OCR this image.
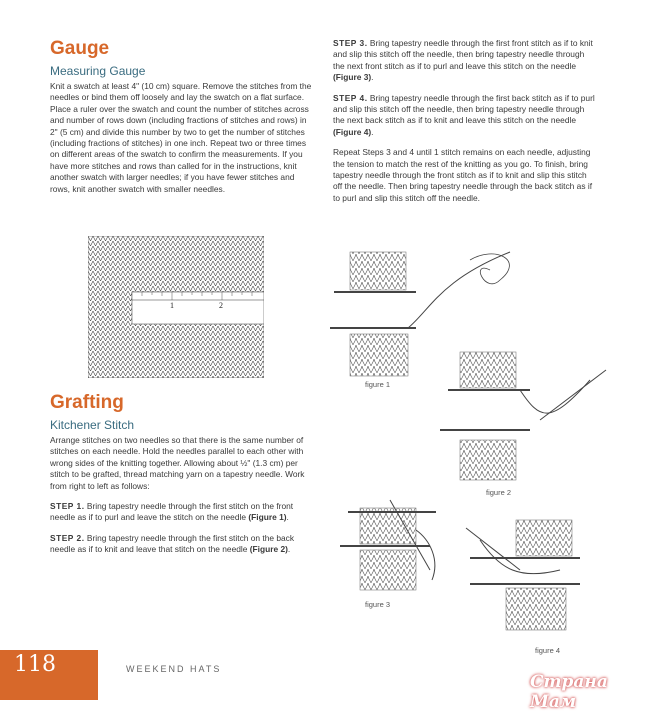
Gauge
Measuring Gauge

Knit a swatch at least 4" (10 cm) square. Remove the stitches from the needles or bind them off loosely and lay the swatch on a flat surface. Place a ruler over the swatch and count the number of stitches across and number of rows down (including fractions of stitches and rows) in 2" (5 cm) and divide this number by two to get the number of stitches (including fractions of stitches) in one inch. Repeat two or three times on different areas of the swatch to confirm the measurements. If you have more stitches and rows than called for in the instructions, knit another swatch with larger needles; if you have fewer stitches and rows, knit another swatch with smaller needles.

1	2
Grafting
Kitchener Stitch

Arrange stitches on two needles so that there is the same number of stitches on each needle. Hold the needles parallel to each other with wrong sides of the knitting together. Allowing about ½" (1.3 cm) per stitch to be grafted, thread matching yarn on a tapestry needle. Work from right to left as follows:

STEP 1. Bring tapestry needle through the first stitch on the front needle as if to purl and leave the stitch on the needle (Figure 1).

STEP 2. Bring tapestry needle through the first stitch on the back needle as if to knit and leave that stitch on the needle (Figure 2).

STEP 3. Bring tapestry needle through the first front stitch as if to knit and slip this stitch off the needle, then bring tapestry needle through the next front stitch as if to purl and leave this stitch on the needle (Figure 3).

STEP 4. Bring tapestry needle through the first back stitch as if to purl and slip this stitch off the needle, then bring tapestry needle through the next back stitch as if to knit and leave this stitch on the needle (Figure 4).

Repeat Steps 3 and 4 until 1 stitch remains on each needle, adjusting the tension to match the rest of the knitting as you go. To finish, bring tapestry needle through the front stitch as if to knit and slip this stitch off the needle. Then bring tapestry needle through the back stitch as if to purl and slip this stitch off the needle.

figure 1
figure 2
figure 3
figure 4
118	WEEKEND HATS
Страна Мам
